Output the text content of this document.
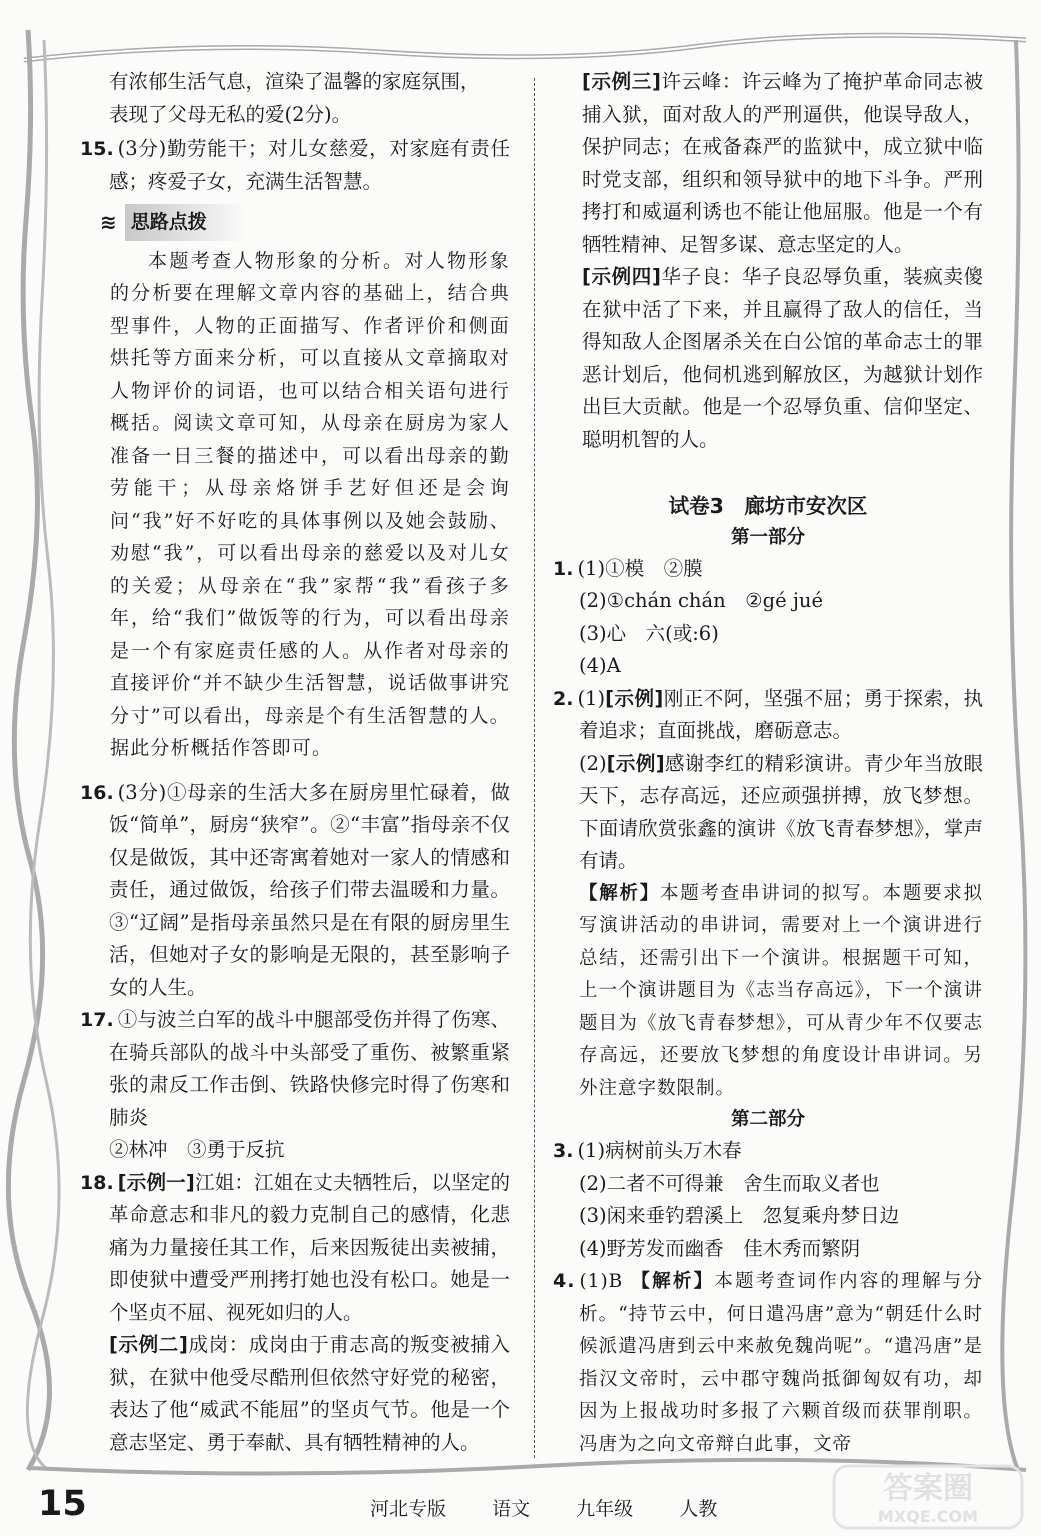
有浓郁生活气息，渲染了温馨的家庭氛围，

表现了父母无私的爱(2分)。

15. (3分)勤劳能干；对儿女慈爱，对家庭有责任感；疼爱子女，充满生活智慧。

≋ 思路点拨

本题考查人物形象的分析。对人物形象的分析要在理解文章内容的基础上，结合典型事件，人物的正面描写、作者评价和侧面烘托等方面来分析，可以直接从文章摘取对人物评价的词语，也可以结合相关语句进行概括。阅读文章可知，从母亲在厨房为家人准备一日三餐的描述中，可以看出母亲的勤劳能干；从母亲烙饼手艺好但还是会询问“我”好不好吃的具体事例以及她会鼓励、劝慰“我”，可以看出母亲的慈爱以及对儿女的关爱；从母亲在“我”家帮“我”看孩子多年，给“我们”做饭等的行为，可以看出母亲是一个有家庭责任感的人。从作者对母亲的直接评价“并不缺少生活智慧，说话做事讲究分寸”可以看出，母亲是个有生活智慧的人。据此分析概括作答即可。

16. (3分)①母亲的生活大多在厨房里忙碌着，做饭“简单”，厨房“狭窄”。②“丰富”指母亲不仅仅是做饭，其中还寄寓着她对一家人的情感和责任，通过做饭，给孩子们带去温暖和力量。③“辽阔”是指母亲虽然只是在有限的厨房里生活，但她对子女的影响是无限的，甚至影响子女的人生。

17. ①与波兰白军的战斗中腿部受伤并得了伤寒、在骑兵部队的战斗中头部受了重伤、被繁重紧张的肃反工作击倒、铁路快修完时得了伤寒和肺炎

②林冲　③勇于反抗

18. [示例一]江姐：江姐在丈夫牺牲后，以坚定的革命意志和非凡的毅力克制自己的感情，化悲痛为力量接任其工作，后来因叛徒出卖被捕，即使狱中遭受严刑拷打她也没有松口。她是一个坚贞不屈、视死如归的人。

[示例二]成岗：成岗由于甫志高的叛变被捕入狱，在狱中他受尽酷刑但依然守好党的秘密，表达了他“威武不能屈”的坚贞气节。他是一个意志坚定、勇于奉献、具有牺牲精神的人。

[示例三]许云峰：许云峰为了掩护革命同志被捕入狱，面对敌人的严刑逼供，他误导敌人，保护同志；在戒备森严的监狱中，成立狱中临时党支部，组织和领导狱中的地下斗争。严刑拷打和威逼利诱也不能让他屈服。他是一个有牺牲精神、足智多谋、意志坚定的人。

[示例四]华子良：华子良忍辱负重，装疯卖傻在狱中活了下来，并且赢得了敌人的信任，当得知敌人企图屠杀关在白公馆的革命志士的罪恶计划后，他伺机逃到解放区，为越狱计划作出巨大贡献。他是一个忍辱负重、信仰坚定、聪明机智的人。

试卷3　廊坊市安次区
第一部分

1. (1)①模　②膜

(2)①chán chán　②gé jué

(3)心　六(或:6)

(4)A

2. (1)[示例]刚正不阿，坚强不屈；勇于探索，执着追求；直面挑战，磨砺意志。

(2)[示例]感谢李红的精彩演讲。青少年当放眼天下，志存高远，还应顽强拼搏，放飞梦想。下面请欣赏张鑫的演讲《放飞青春梦想》，掌声有请。

【解析】本题考查串讲词的拟写。本题要求拟写演讲活动的串讲词，需要对上一个演讲进行总结，还需引出下一个演讲。根据题干可知，上一个演讲题目为《志当存高远》，下一个演讲题目为《放飞青春梦想》，可从青少年不仅要志存高远，还要放飞梦想的角度设计串讲词。另外注意字数限制。

第二部分

3. (1)病树前头万木春

(2)二者不可得兼　舍生而取义者也

(3)闲来垂钓碧溪上　忽复乘舟梦日边

(4)野芳发而幽香　佳木秀而繁阴

4. (1)B 【解析】本题考查词作内容的理解与分析。“持节云中，何日遣冯唐”意为“朝廷什么时候派遣冯唐到云中来赦免魏尚呢”。“遣冯唐”是指汉文帝时，云中郡守魏尚抵御匈奴有功，却因为上报战功时多报了六颗首级而获罪削职。冯唐为之向文帝辩白此事，文帝

15	河北专版 语文 九年级 人教
答案圈
MXQE.COM
